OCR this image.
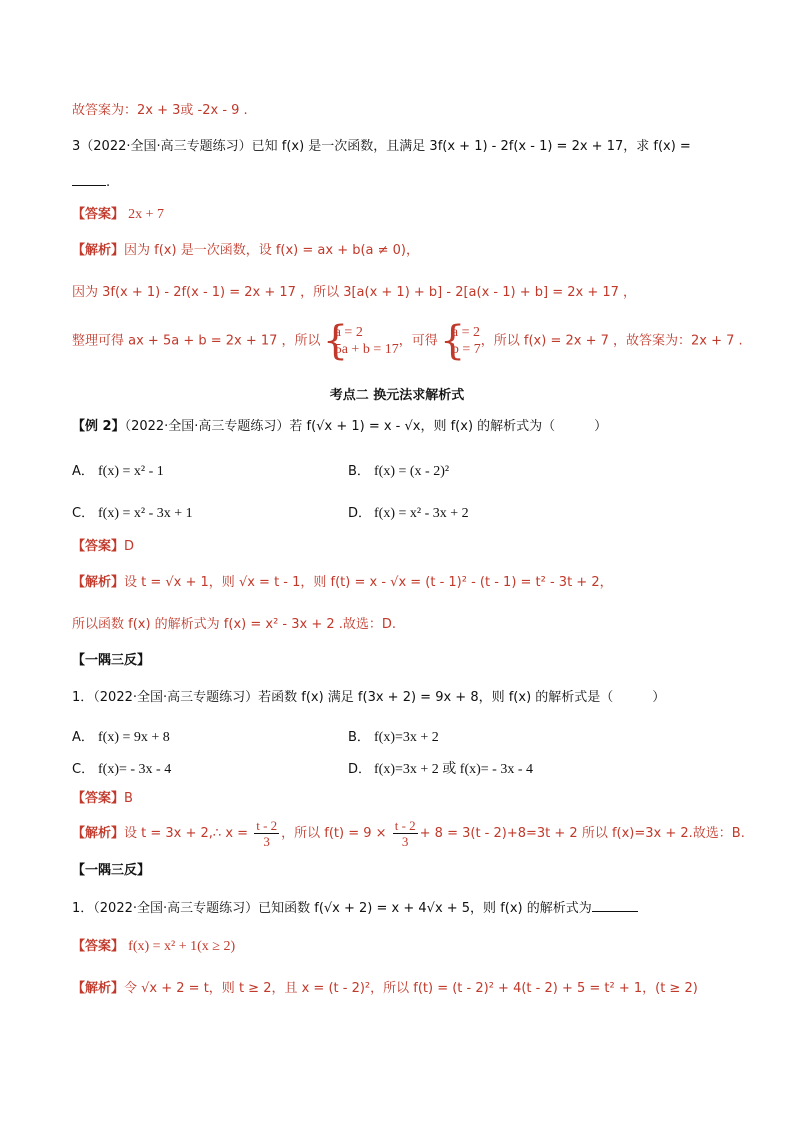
故答案为：2x + 3或 -2x - 9 .
3（2022·全国·高三专题练习）已知 f(x) 是一次函数，且满足 3f(x + 1) - 2f(x - 1) = 2x + 17，求 f(x) =
.
【答案】 2x + 7
【解析】因为 f(x) 是一次函数，设 f(x) = ax + b(a ≠ 0)，
因为 3f(x + 1) - 2f(x - 1) = 2x + 17 ，所以 3[a(x + 1) + b] - 2[a(x - 1) + b] = 2x + 17 ，
整理可得 ax + 5a + b = 2x + 17 ，所以
{ a = 2
5a + b = 17
，可得
{ a = 2
b = 7
，所以 f(x) = 2x + 7 ，故答案为：2x + 7 .
考点二 换元法求解析式
【例 2】（2022·全国·高三专题练习）若 f(√x + 1) = x - √x，则 f(x) 的解析式为（　　　）
A． f(x) = x² - 1	B． f(x) = (x - 2)²
C． f(x) = x² - 3x + 1	D． f(x) = x² - 3x + 2
【答案】D
【解析】设 t = √x + 1，则 √x = t - 1，则 f(t) = x - √x = (t - 1)² - (t - 1) = t² - 3t + 2，
所以函数 f(x) 的解析式为 f(x) = x² - 3x + 2 .故选：D.
【一隅三反】
1．（2022·全国·高三专题练习）若函数 f(x) 满足 f(3x + 2) = 9x + 8，则 f(x) 的解析式是（　　　）
A． f(x) = 9x + 8	B． f(x)=3x + 2
C． f(x)= - 3x - 4	D． f(x)=3x + 2 或 f(x)= - 3x - 4
【答案】B
【解析】设 t = 3x + 2,∴ $x = \frac{t - 2}{3}$ ，所以 $f(t) = 9 \times \frac{t - 2}{3} + 8 = 3(t - 2)+8=3t + 2$ 所以 f(x)=3x + 2.故选：B.
【一隅三反】
1．（2022·全国·高三专题练习）已知函数 f(√x + 2) = x + 4√x + 5，则 f(x) 的解析式为
【答案】 f(x) = x² + 1(x ≥ 2)
【解析】令 √x + 2 = t，则 t ≥ 2，且 x = (t - 2)²，所以 f(t) = (t - 2)² + 4(t - 2) + 5 = t² + 1，(t ≥ 2)
